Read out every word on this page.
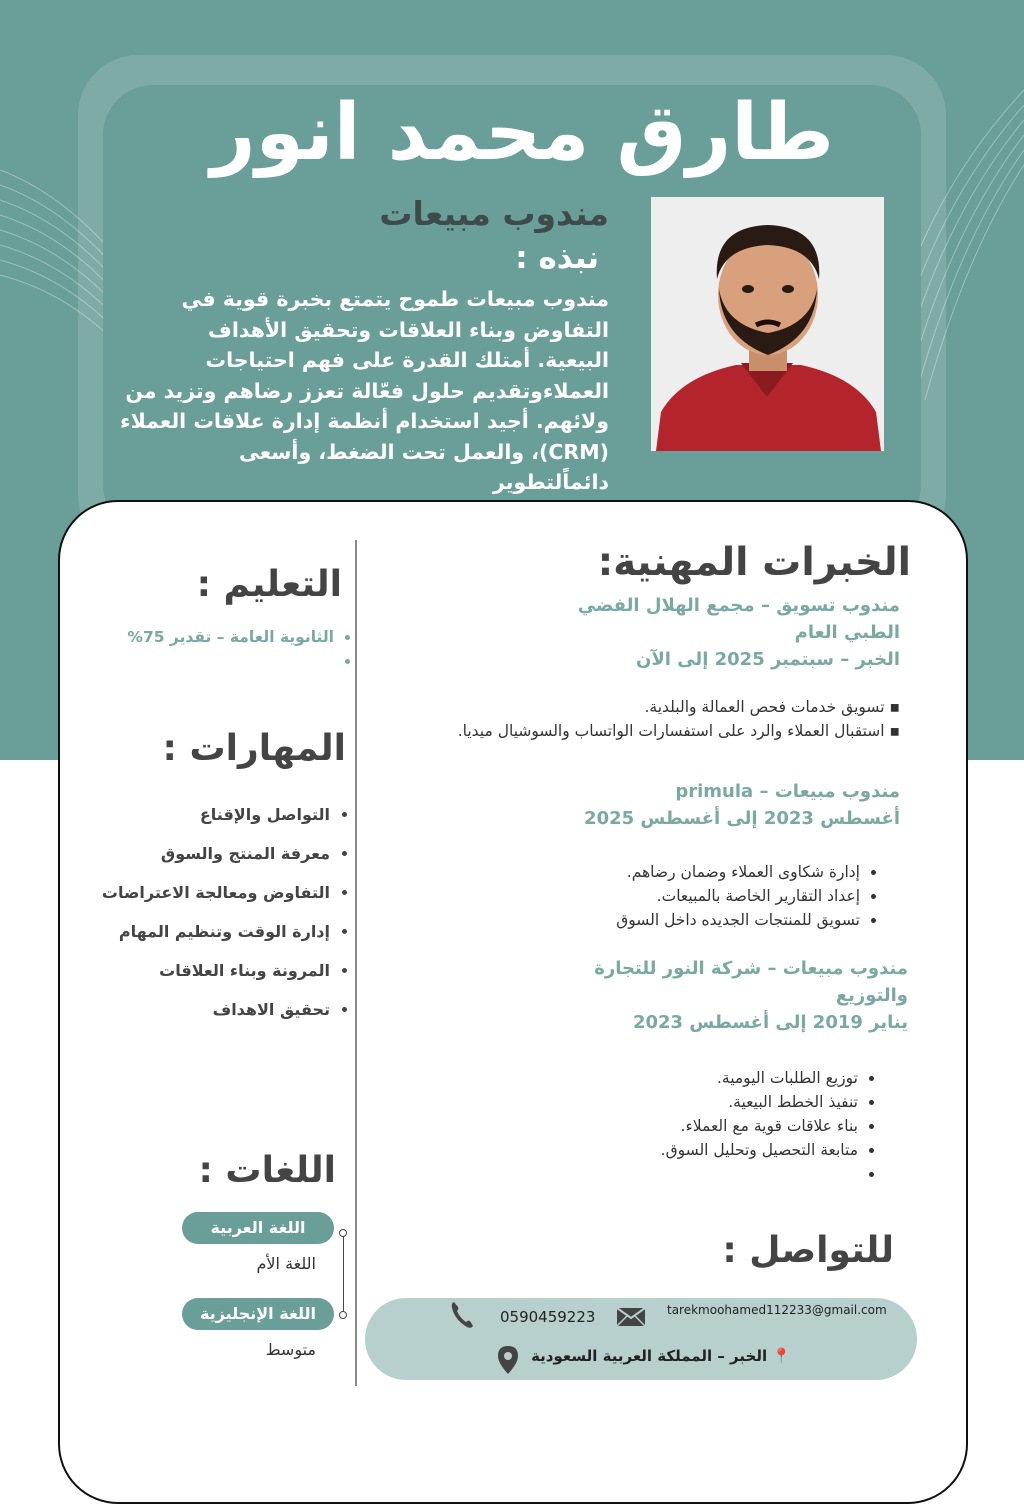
طارق محمد انور
مندوب مبيعات
نبذه :
مندوب مبيعات طموح يتمتع بخبرة قوية في
التفاوض وبناء العلاقات وتحقيق الأهداف
البيعية. أمتلك القدرة على فهم احتياجات
العملاءوتقديم حلول فعّالة تعزز رضاهم وتزيد من
ولائهم. أجيد استخدام أنظمة إدارة علاقات العملاء
(CRM)، والعمل تحت الضغط، وأسعى دائماًلتطوير
الخبرات المهنية:
مندوب تسويق – مجمع الهلال الفضي
الطبي العام
الخبر – سبتمبر 2025 إلى الآن
▪ تسويق خدمات فحص العمالة والبلدية.
▪ استقبال العملاء والرد على استفسارات الواتساب والسوشيال ميديا.
مندوب مبيعات – primula
أغسطس 2023 إلى أغسطس 2025
• إدارة شكاوى العملاء وضمان رضاهم.
• إعداد التقارير الخاصة بالمبيعات.
• تسويق للمنتجات الجديده داخل السوق
مندوب مبيعات – شركة النور للتجارة
والتوزيع
يناير 2019 إلى أغسطس 2023
• توزيع الطلبات اليومية.
• تنفيذ الخطط البيعية.
• بناء علاقات قوية مع العملاء.
• متابعة التحصيل وتحليل السوق.
•
التعليم :
• الثانوية العامة – تقدير 75%
•
المهارات :
• التواصل والإقناع
• معرفة المنتج والسوق
• التفاوض ومعالجة الاعتراضات
• إدارة الوقت وتنظيم المهام
• المرونة وبناء العلاقات
• تحقيق الاهداف
اللغات :
اللغة العربية
اللغة الأم
اللغة الإنجليزية
متوسط
للتواصل :
0590459223	tarekmoohamed112233@gmail.com
📍 الخبر – المملكة العربية السعودية
